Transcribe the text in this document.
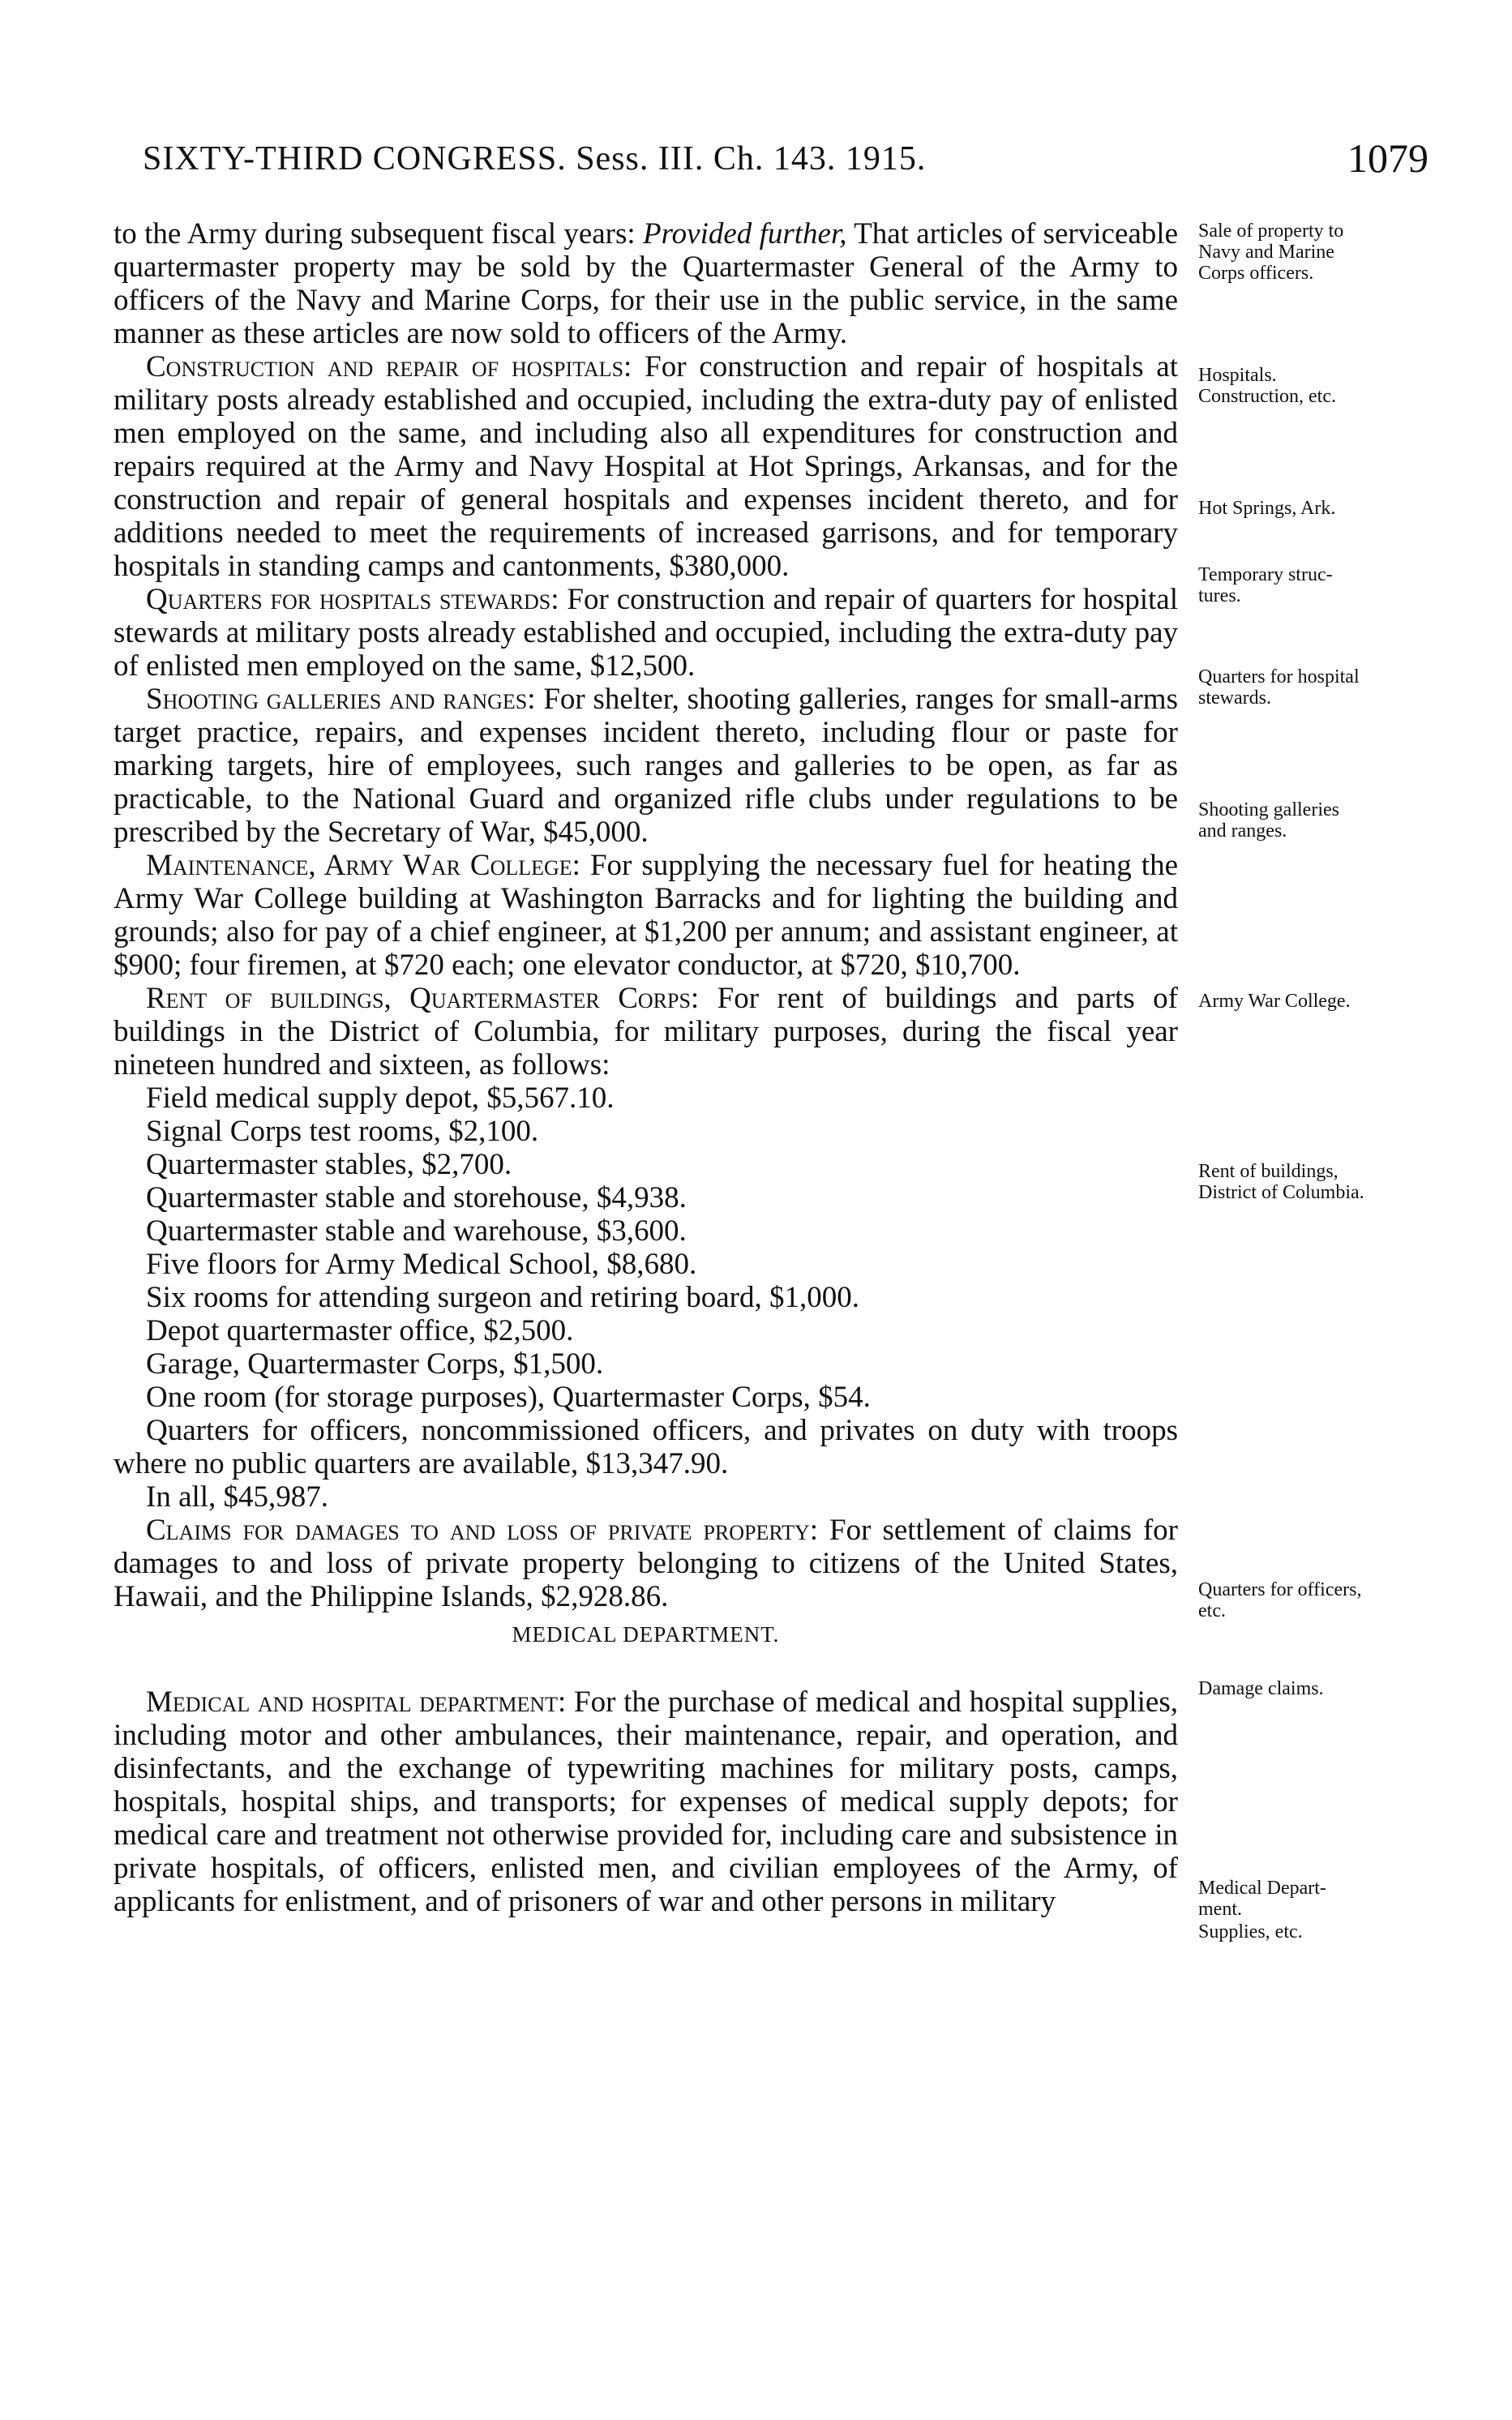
SIXTY-THIRD CONGRESS. Sess. III. Ch. 143. 1915.	1079

to the Army during subsequent fiscal years: Provided further, That articles of serviceable quartermaster property may be sold by the Quartermaster General of the Army to officers of the Navy and Marine Corps, for their use in the public service, in the same manner as these articles are now sold to officers of the Army.

Construction and repair of hospitals: For construction and repair of hospitals at military posts already established and occupied, including the extra-duty pay of enlisted men employed on the same, and including also all expenditures for construction and repairs required at the Army and Navy Hospital at Hot Springs, Arkansas, and for the construction and repair of general hospitals and expenses incident thereto, and for additions needed to meet the requirements of increased garrisons, and for temporary hospitals in standing camps and cantonments, $380,000.

Quarters for hospitals stewards: For construction and repair of quarters for hospital stewards at military posts already established and occupied, including the extra-duty pay of enlisted men employed on the same, $12,500.

Shooting galleries and ranges: For shelter, shooting galleries, ranges for small-arms target practice, repairs, and expenses incident thereto, including flour or paste for marking targets, hire of employees, such ranges and galleries to be open, as far as practicable, to the National Guard and organized rifle clubs under regulations to be prescribed by the Secretary of War, $45,000.

Maintenance, Army War College: For supplying the necessary fuel for heating the Army War College building at Washington Barracks and for lighting the building and grounds; also for pay of a chief engineer, at $1,200 per annum; and assistant engineer, at $900; four firemen, at $720 each; one elevator conductor, at $720, $10,700.

Rent of buildings, Quartermaster Corps: For rent of buildings and parts of buildings in the District of Columbia, for military purposes, during the fiscal year nineteen hundred and sixteen, as follows:

Field medical supply depot, $5,567.10.

Signal Corps test rooms, $2,100.

Quartermaster stables, $2,700.

Quartermaster stable and storehouse, $4,938.

Quartermaster stable and warehouse, $3,600.

Five floors for Army Medical School, $8,680.

Six rooms for attending surgeon and retiring board, $1,000.

Depot quartermaster office, $2,500.

Garage, Quartermaster Corps, $1,500.

One room (for storage purposes), Quartermaster Corps, $54.

Quarters for officers, noncommissioned officers, and privates on duty with troops where no public quarters are available, $13,347.90.

In all, $45,987.

Claims for damages to and loss of private property: For settlement of claims for damages to and loss of private property belonging to citizens of the United States, Hawaii, and the Philippine Islands, $2,928.86.

MEDICAL DEPARTMENT.

Medical and hospital department: For the purchase of medical and hospital supplies, including motor and other ambulances, their maintenance, repair, and operation, and disinfectants, and the exchange of typewriting machines for military posts, camps, hospitals, hospital ships, and transports; for expenses of medical supply depots; for medical care and treatment not otherwise provided for, including care and subsistence in private hospitals, of officers, enlisted men, and civilian employees of the Army, of applicants for enlistment, and of prisoners of war and other persons in military

Sale of property to
Navy and Marine
Corps officers.
Hospitals.
Construction, etc.
Hot Springs, Ark.
Temporary struc-
tures.
Quarters for hospital
stewards.
Shooting galleries
and ranges.
Army War College.
Rent of buildings,
District of Columbia.
Quarters for officers,
etc.
Damage claims.
Medical Depart-
ment.
Supplies, etc.
